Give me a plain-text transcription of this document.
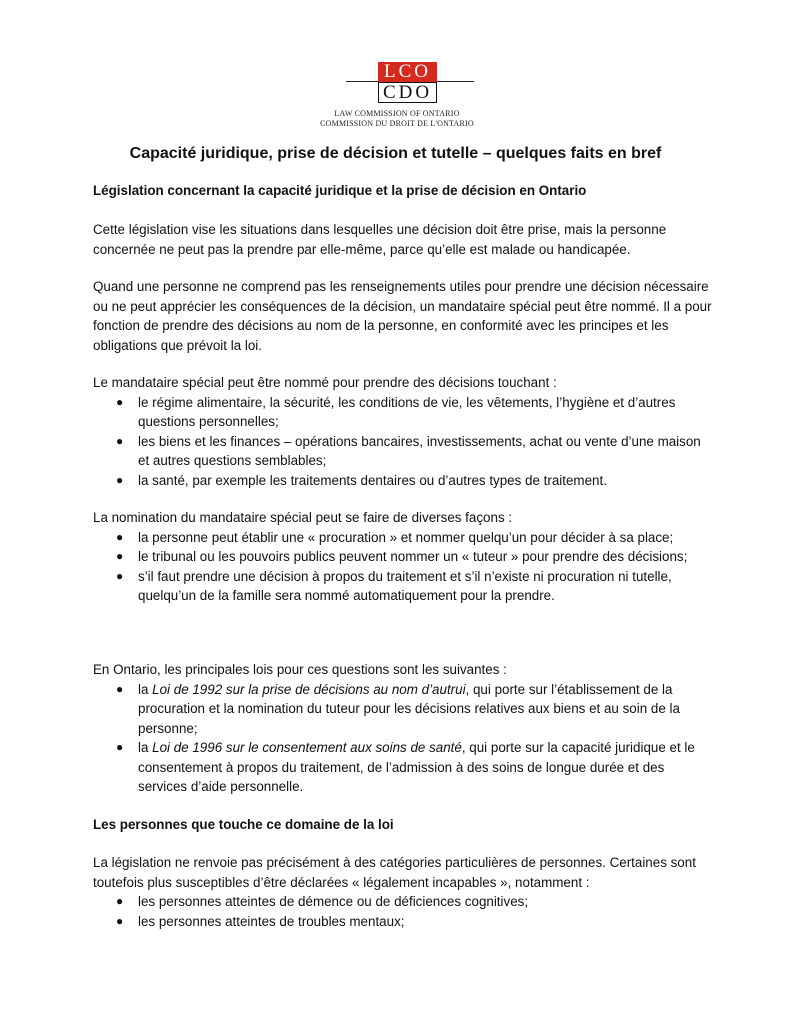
LCO
CDO
LAW COMMISSION OF ONTARIO
COMMISSION DU DROIT DE L'ONTARIO
Capacité juridique, prise de décision et tutelle – quelques faits en bref
Législation concernant la capacité juridique et la prise de décision en Ontario
Cette législation vise les situations dans lesquelles une décision doit être prise, mais la personne concernée ne peut pas la prendre par elle-même, parce qu’elle est malade ou handicapée.
Quand une personne ne comprend pas les renseignements utiles pour prendre une décision nécessaire ou ne peut apprécier les conséquences de la décision, un mandataire spécial peut être nommé. Il a pour fonction de prendre des décisions au nom de la personne, en conformité avec les principes et les obligations que prévoit la loi.

Le mandataire spécial peut être nommé pour prendre des décisions touchant :

● le régime alimentaire, la sécurité, les conditions de vie, les vêtements, l’hygiène et d’autres questions personnelles;
● les biens et les finances – opérations bancaires, investissements, achat ou vente d’une maison et autres questions semblables;
● la santé, par exemple les traitements dentaires ou d’autres types de traitement.

La nomination du mandataire spécial peut se faire de diverses façons :

● la personne peut établir une « procuration » et nommer quelqu’un pour décider à sa place;
● le tribunal ou les pouvoirs publics peuvent nommer un « tuteur » pour prendre des décisions;
● s’il faut prendre une décision à propos du traitement et s’il n’existe ni procuration ni tutelle, quelqu’un de la famille sera nommé automatiquement pour la prendre.

En Ontario, les principales lois pour ces questions sont les suivantes :

● la Loi de 1992 sur la prise de décisions au nom d’autrui, qui porte sur l’établissement de la procuration et la nomination du tuteur pour les décisions relatives aux biens et au soin de la personne;
● la Loi de 1996 sur le consentement aux soins de santé, qui porte sur la capacité juridique et le consentement à propos du traitement, de l’admission à des soins de longue durée et des services d’aide personnelle.
Les personnes que touche ce domaine de la loi

La législation ne renvoie pas précisément à des catégories particulières de personnes. Certaines sont toutefois plus susceptibles d’être déclarées « légalement incapables », notamment :

● les personnes atteintes de démence ou de déficiences cognitives;
● les personnes atteintes de troubles mentaux;
